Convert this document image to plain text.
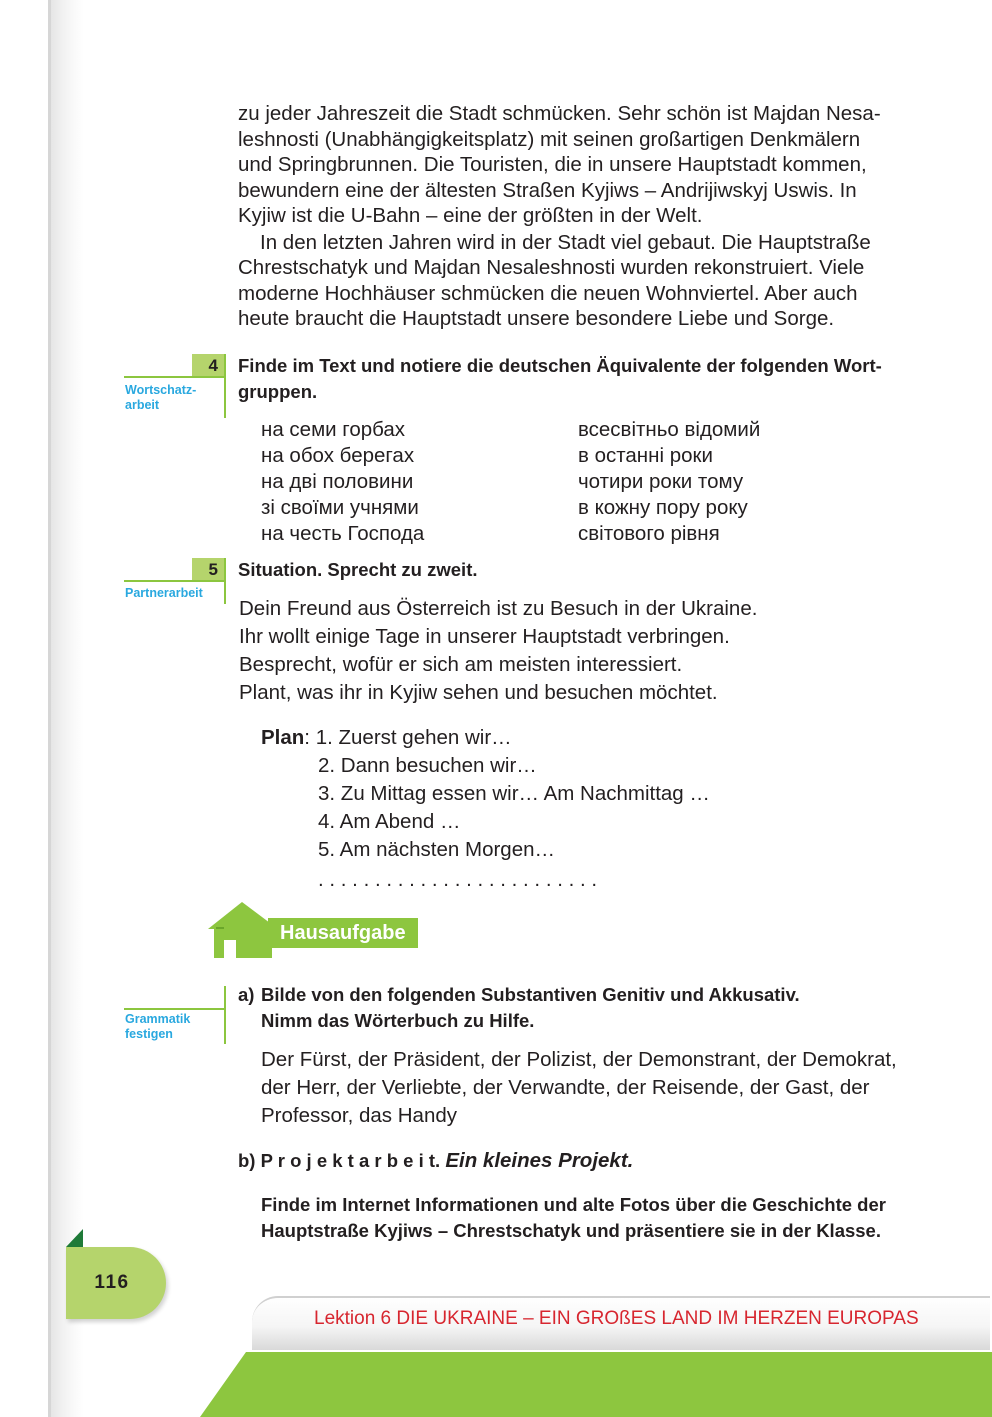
zu jeder Jahreszeit die Stadt schmücken. Sehr schön ist Majdan Nesa-
leshnosti (Unabhängigkeitsplatz) mit seinen großartigen Denkmälern
und Springbrunnen. Die Touristen, die in unsere Hauptstadt kommen,
bewundern eine der ältesten Straßen Kyjiws – Andrijiwskyj Uswis. In
Kyjiw ist die U-Bahn – eine der größten in der Welt.
In den letzten Jahren wird in der Stadt viel gebaut. Die Hauptstraße
Chrestschatyk und Majdan Nesaleshnosti wurden rekonstruiert. Viele
moderne Hochhäuser schmücken die neuen Wohnviertel. Aber auch
heute braucht die Hauptstadt unsere besondere Liebe und Sorge.
4
Wortschatz-
arbeit
Finde im Text und notiere die deutschen Äquivalente der folgenden Wort-
gruppen.
на семи горбах
на обох берегах
на дві половини
зі своїми учнями
на честь Господа
всесвітньо відомий
в останні роки
чотири роки тому
в кожну пору року
світового рівня
5
Partnerarbeit
Situation. Sprecht zu zweit.
Dein Freund aus Österreich ist zu Besuch in der Ukraine.
Ihr wollt einige Tage in unserer Hauptstadt verbringen.
Besprecht, wofür er sich am meisten interessiert.
Plant, was ihr in Kyjiw sehen und besuchen möchtet.
Plan: 1. Zuerst gehen wir…
2. Dann besuchen wir…
3. Zu Mittag essen wir… Am Nachmittag …
4. Am Abend …
5. Am nächsten Morgen…
. . . . . . . . . . . . . . . . . . . . . . . . .
Hausaufgabe
Grammatik
festigen
a) Bilde von den folgenden Substantiven Genitiv und Akkusativ.
Nimm das Wörterbuch zu Hilfe.
Der Fürst, der Präsident, der Polizist, der Demonstrant, der Demokrat,
der Herr, der Verliebte, der Verwandte, der Reisende, der Gast, der
Professor, das Handy
b) P r o j e k t a r b e i t. Ein kleines Projekt.
Finde im Internet Informationen und alte Fotos über die Geschichte der
Hauptstraße Kyjiws – Chrestschatyk und präsentiere sie in der Klasse.
116
Lektion 6 DIE UKRAINE – EIN GROßES LAND IM HERZEN EUROPAS
